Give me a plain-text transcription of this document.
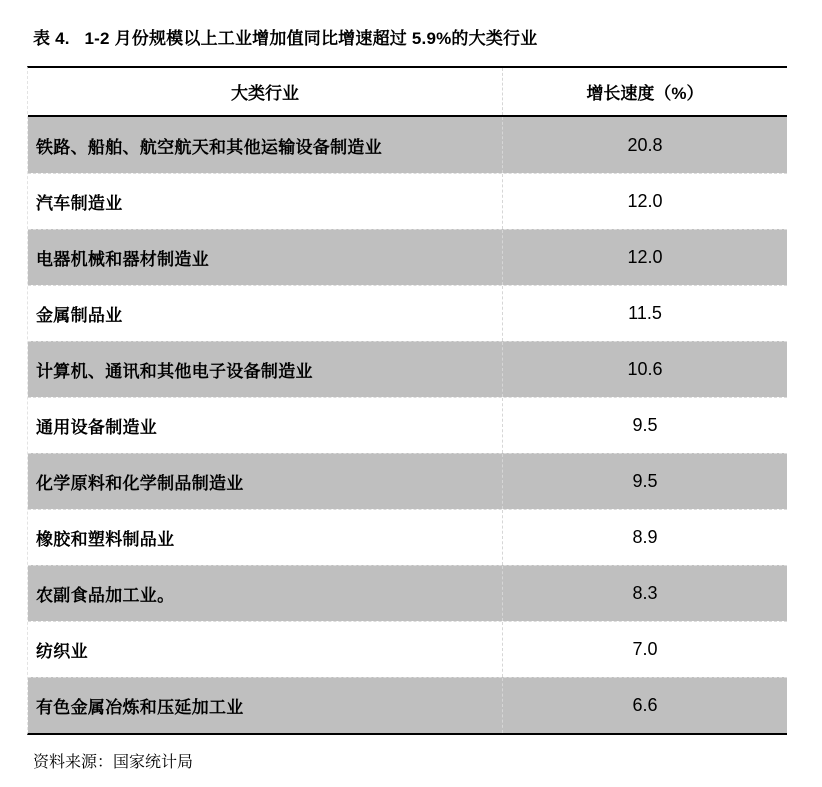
表 4.   1-2 月份规模以上工业增加值同比增速超过 5.9%的大类行业
大类行业	增长速度（%）
铁路、船舶、航空航天和其他运输设备制造业	20.8
汽车制造业	12.0
电器机械和器材制造业	12.0
金属制品业	11.5
计算机、通讯和其他电子设备制造业	10.6
通用设备制造业	9.5
化学原料和化学制品制造业	9.5
橡胶和塑料制品业	8.9
农副食品加工业。	8.3
纺织业	7.0
有色金属冶炼和压延加工业	6.6
资料来源：国家统计局
